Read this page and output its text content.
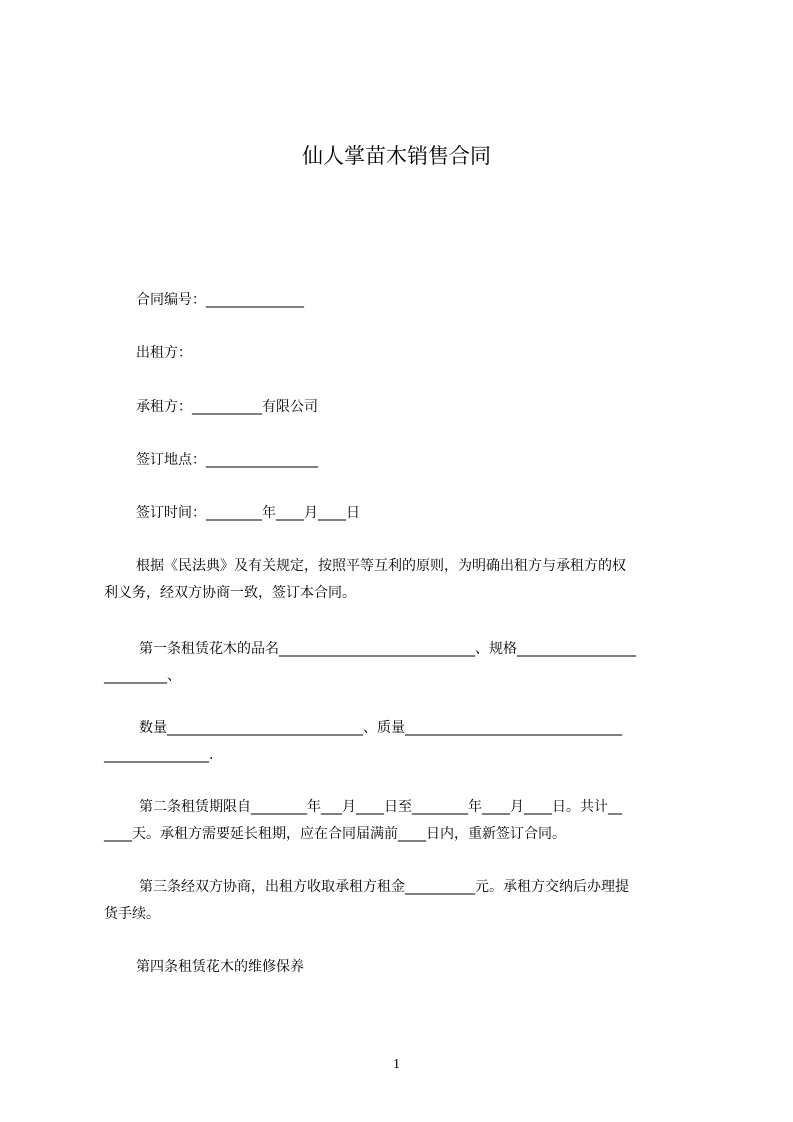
仙人掌苗木销售合同
合同编号：______________
出租方：
承租方：__________有限公司
签订地点：________________
签订时间：________年____月____日
根据《民法典》及有关规定，按照平等互利的原则，为明确出租方与承租方的权
利义务，经双方协商一致，签订本合同。
第一条租赁花木的品名____________________________、规格_________________
_________、
数量____________________________、质量_______________________________
_______________.
第二条租赁期限自________年___月____日至________年____月____日。共计__
____天。承租方需要延长租期，应在合同届满前____日内，重新签订合同。
第三条经双方协商，出租方收取承租方租金__________元。承租方交纳后办理提
货手续。
第四条租赁花木的维修保养
1
